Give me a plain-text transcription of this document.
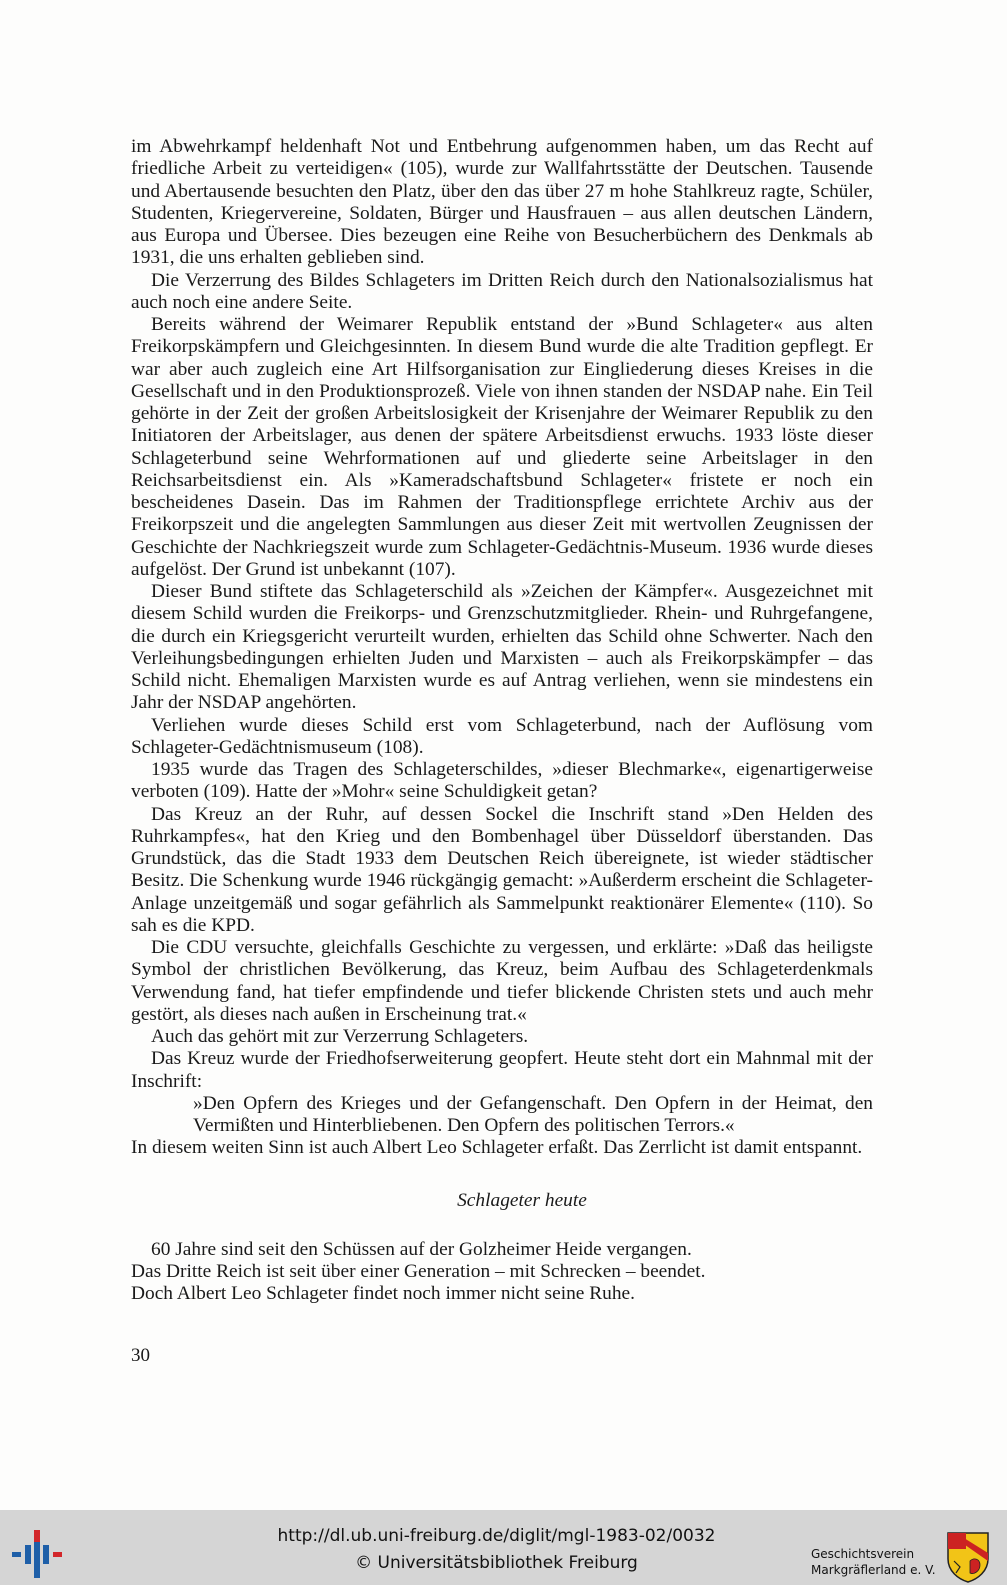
im Abwehrkampf heldenhaft Not und Entbehrung aufgenommen haben, um das Recht auf friedliche Arbeit zu verteidigen« (105), wurde zur Wallfahrtsstätte der Deutschen. Tausende und Abertausende besuchten den Platz, über den das über 27 m hohe Stahlkreuz ragte, Schüler, Studenten, Kriegervereine, Soldaten, Bürger und Hausfrauen – aus allen deutschen Ländern, aus Europa und Übersee. Dies bezeugen eine Reihe von Besucherbüchern des Denkmals ab 1931, die uns erhalten geblieben sind.

Die Verzerrung des Bildes Schlageters im Dritten Reich durch den Nationalsozialismus hat auch noch eine andere Seite.

Bereits während der Weimarer Republik entstand der »Bund Schlageter« aus alten Freikorpskämpfern und Gleichgesinnten. In diesem Bund wurde die alte Tradition gepflegt. Er war aber auch zugleich eine Art Hilfsorganisation zur Eingliederung dieses Kreises in die Gesellschaft und in den Produktionsprozeß. Viele von ihnen standen der NSDAP nahe. Ein Teil gehörte in der Zeit der großen Arbeitslosigkeit der Krisenjahre der Weimarer Republik zu den Initiatoren der Arbeitslager, aus denen der spätere Arbeitsdienst erwuchs. 1933 löste dieser Schlageterbund seine Wehrformationen auf und gliederte seine Arbeitslager in den Reichsarbeitsdienst ein. Als »Kameradschaftsbund Schlageter« fristete er noch ein bescheidenes Dasein. Das im Rahmen der Traditionspflege errichtete Archiv aus der Freikorpszeit und die angelegten Sammlungen aus dieser Zeit mit wertvollen Zeugnissen der Geschichte der Nachkriegszeit wurde zum Schlageter-Gedächtnis-Museum. 1936 wurde dieses aufgelöst. Der Grund ist unbekannt (107).

Dieser Bund stiftete das Schlageterschild als »Zeichen der Kämpfer«. Ausgezeichnet mit diesem Schild wurden die Freikorps- und Grenzschutzmitglieder. Rhein- und Ruhrgefangene, die durch ein Kriegsgericht verurteilt wurden, erhielten das Schild ohne Schwerter. Nach den Verleihungsbedingungen erhielten Juden und Marxisten – auch als Freikorpskämpfer – das Schild nicht. Ehemaligen Marxisten wurde es auf Antrag verliehen, wenn sie mindestens ein Jahr der NSDAP angehörten.

Verliehen wurde dieses Schild erst vom Schlageterbund, nach der Auflösung vom Schlageter-Gedächtnismuseum (108).

1935 wurde das Tragen des Schlageterschildes, »dieser Blechmarke«, eigenartigerweise verboten (109). Hatte der »Mohr« seine Schuldigkeit getan?

Das Kreuz an der Ruhr, auf dessen Sockel die Inschrift stand »Den Helden des Ruhrkampfes«, hat den Krieg und den Bombenhagel über Düsseldorf überstanden. Das Grundstück, das die Stadt 1933 dem Deutschen Reich übereignete, ist wieder städtischer Besitz. Die Schenkung wurde 1946 rückgängig gemacht: »Außerderm erscheint die Schlageter-Anlage unzeitgemäß und sogar gefährlich als Sammelpunkt reaktionärer Elemente« (110). So sah es die KPD.

Die CDU versuchte, gleichfalls Geschichte zu vergessen, und erklärte: »Daß das heiligste Symbol der christlichen Bevölkerung, das Kreuz, beim Aufbau des Schlageterdenkmals Verwendung fand, hat tiefer empfindende und tiefer blickende Christen stets und auch mehr gestört, als dieses nach außen in Erscheinung trat.«

Auch das gehört mit zur Verzerrung Schlageters.

Das Kreuz wurde der Friedhofserweiterung geopfert. Heute steht dort ein Mahnmal mit der Inschrift:

»Den Opfern des Krieges und der Gefangenschaft. Den Opfern in der Heimat, den Vermißten und Hinterbliebenen. Den Opfern des politischen Terrors.«

In diesem weiten Sinn ist auch Albert Leo Schlageter erfaßt. Das Zerrlicht ist damit entspannt.

Schlageter heute

60 Jahre sind seit den Schüssen auf der Golzheimer Heide vergangen.

Das Dritte Reich ist seit über einer Generation – mit Schrecken – beendet.

Doch Albert Leo Schlageter findet noch immer nicht seine Ruhe.

30
http://dl.ub.uni-freiburg.de/diglit/mgl-1983-02/0032
© Universitätsbibliothek Freiburg	Geschichtsverein
Markgräflerland e. V.
